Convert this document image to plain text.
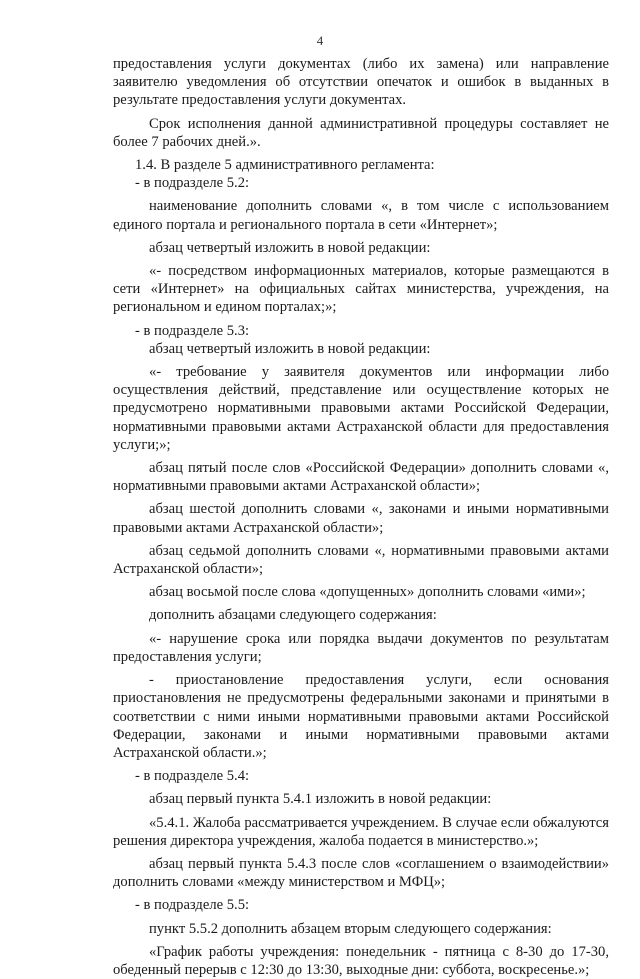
4

предоставления услуги документах (либо их замена) или направление заявителю уведомления об отсутствии опечаток и ошибок в выданных в результате предоставления услуги документах.

Срок исполнения данной административной процедуры составляет не более 7 рабочих дней.».

1.4. В разделе 5 административного регламента:

- в подразделе 5.2:

наименование дополнить словами «, в том числе с использованием единого портала и регионального портала в сети «Интернет»;

абзац четвертый изложить в новой редакции:

«- посредством информационных материалов, которые размещаются в сети «Интернет» на официальных сайтах министерства, учреждения, на региональном и едином порталах;»;

- в подразделе 5.3:

абзац четвертый изложить в новой редакции:

«- требование у заявителя документов или информации либо осуществления действий, представление или осуществление которых не предусмотрено нормативными правовыми актами Российской Федерации, нормативными правовыми актами Астраханской области для предоставления услуги;»;

абзац пятый после слов «Российской Федерации» дополнить словами «, нормативными правовыми актами Астраханской области»;

абзац шестой дополнить словами «, законами и иными нормативными правовыми актами Астраханской области»;

абзац седьмой дополнить словами «, нормативными правовыми актами Астраханской области»;

абзац восьмой после слова «допущенных» дополнить словами «ими»;

дополнить абзацами следующего содержания:

«- нарушение срока или порядка выдачи документов по результатам предоставления услуги;

- приостановление предоставления услуги, если основания приостановления не предусмотрены федеральными законами и принятыми в соответствии с ними иными нормативными правовыми актами Российской Федерации, законами и иными нормативными правовыми актами Астраханской области.»;

- в подразделе 5.4:

абзац первый пункта 5.4.1 изложить в новой редакции:

«5.4.1. Жалоба рассматривается учреждением. В случае если обжалуются решения директора учреждения, жалоба подается в министерство.»;

абзац первый пункта 5.4.3 после слов «соглашением о взаимодействии» дополнить словами «между министерством и МФЦ»;

- в подразделе 5.5:

пункт 5.5.2 дополнить абзацем вторым следующего содержания:

«График работы учреждения: понедельник - пятница с 8-30 до 17-30, обеденный перерыв с 12:30 до 13:30, выходные дни: суббота, воскресенье.»;
